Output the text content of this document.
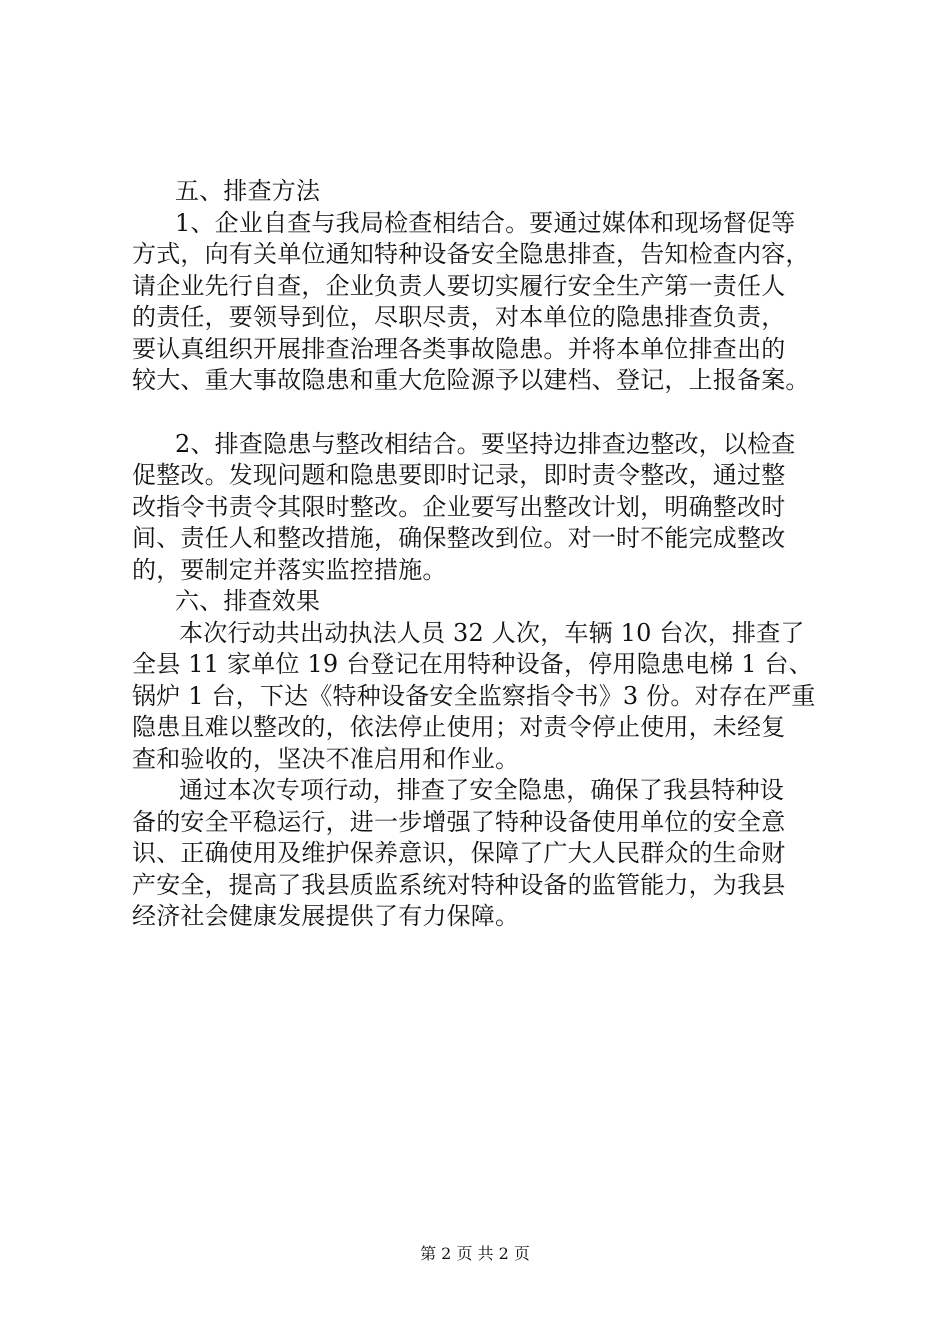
五、排查方法
1、企业自查与我局检查相结合。要通过媒体和现场督促等
方式，向有关单位通知特种设备安全隐患排查，告知检查内容，
请企业先行自查，企业负责人要切实履行安全生产第一责任人
的责任，要领导到位，尽职尽责，对本单位的隐患排查负责，
要认真组织开展排查治理各类事故隐患。并将本单位排查出的
较大、重大事故隐患和重大危险源予以建档、登记，上报备案。
2、排查隐患与整改相结合。要坚持边排查边整改，以检查
促整改。发现问题和隐患要即时记录，即时责令整改，通过整
改指令书责令其限时整改。企业要写出整改计划，明确整改时
间、责任人和整改措施，确保整改到位。对一时不能完成整改
的，要制定并落实监控措施。
六、排查效果
本次行动共出动执法人员 32 人次，车辆 10 台次，排查了
全县 11 家单位 19 台登记在用特种设备，停用隐患电梯 1 台、
锅炉 1 台，下达《特种设备安全监察指令书》3 份。对存在严重
隐患且难以整改的，依法停止使用；对责令停止使用，未经复
查和验收的，坚决不准启用和作业。
通过本次专项行动，排查了安全隐患，确保了我县特种设
备的安全平稳运行，进一步增强了特种设备使用单位的安全意
识、正确使用及维护保养意识，保障了广大人民群众的生命财
产安全，提高了我县质监系统对特种设备的监管能力，为我县
经济社会健康发展提供了有力保障。
第 2 页 共 2 页
